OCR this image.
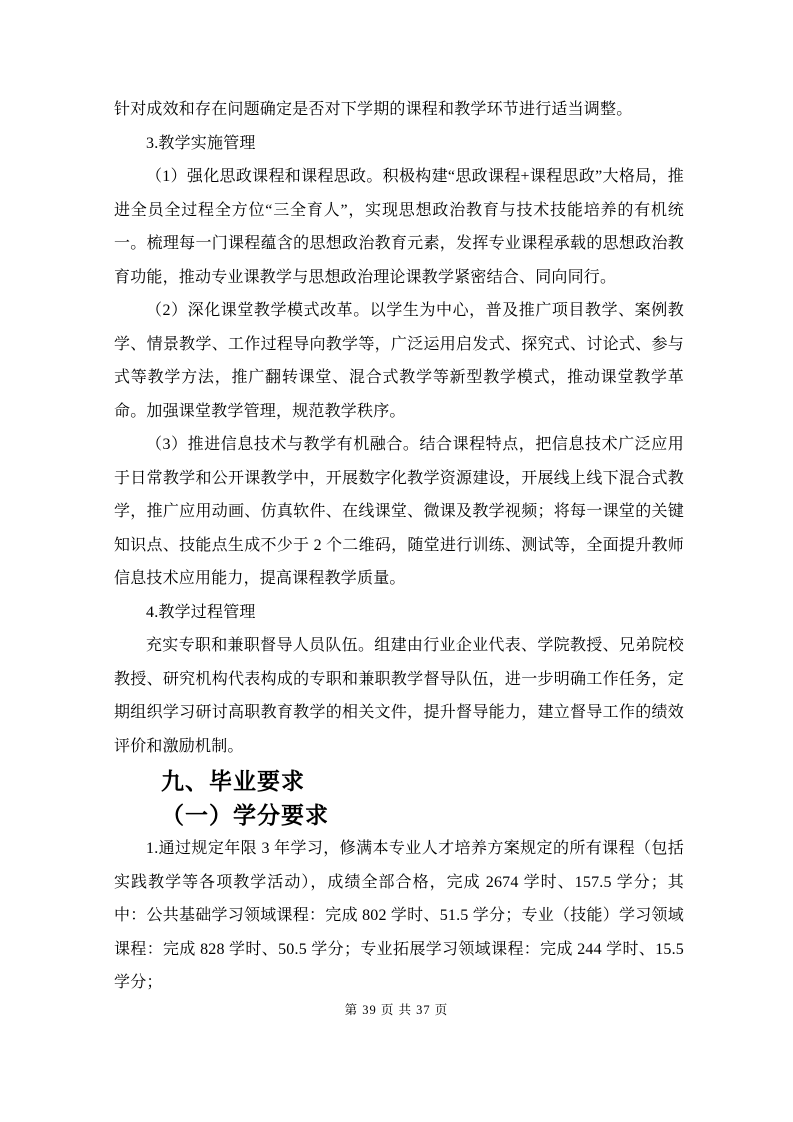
针对成效和存在问题确定是否对下学期的课程和教学环节进行适当调整。

3.教学实施管理

（1）强化思政课程和课程思政。积极构建“思政课程+课程思政”大格局，推进全员全过程全方位“三全育人”，实现思想政治教育与技术技能培养的有机统一。梳理每一门课程蕴含的思想政治教育元素，发挥专业课程承载的思想政治教育功能，推动专业课教学与思想政治理论课教学紧密结合、同向同行。

（2）深化课堂教学模式改革。以学生为中心，普及推广项目教学、案例教学、情景教学、工作过程导向教学等，广泛运用启发式、探究式、讨论式、参与式等教学方法，推广翻转课堂、混合式教学等新型教学模式，推动课堂教学革命。加强课堂教学管理，规范教学秩序。

（3）推进信息技术与教学有机融合。结合课程特点，把信息技术广泛应用于日常教学和公开课教学中，开展数字化教学资源建设，开展线上线下混合式教学，推广应用动画、仿真软件、在线课堂、微课及教学视频；将每一课堂的关键知识点、技能点生成不少于 2 个二维码，随堂进行训练、测试等，全面提升教师信息技术应用能力，提高课程教学质量。

4.教学过程管理

充实专职和兼职督导人员队伍。组建由行业企业代表、学院教授、兄弟院校教授、研究机构代表构成的专职和兼职教学督导队伍，进一步明确工作任务，定期组织学习研讨高职教育教学的相关文件，提升督导能力，建立督导工作的绩效评价和激励机制。

九、毕业要求
（一）学分要求

1.通过规定年限 3 年学习，修满本专业人才培养方案规定的所有课程（包括实践教学等各项教学活动），成绩全部合格，完成 2674 学时、157.5 学分；其中：公共基础学习领域课程：完成 802 学时、51.5 学分；专业（技能）学习领域课程：完成 828 学时、50.5 学分；专业拓展学习领域课程：完成 244 学时、15.5 学分；

第 39 页 共 37 页
